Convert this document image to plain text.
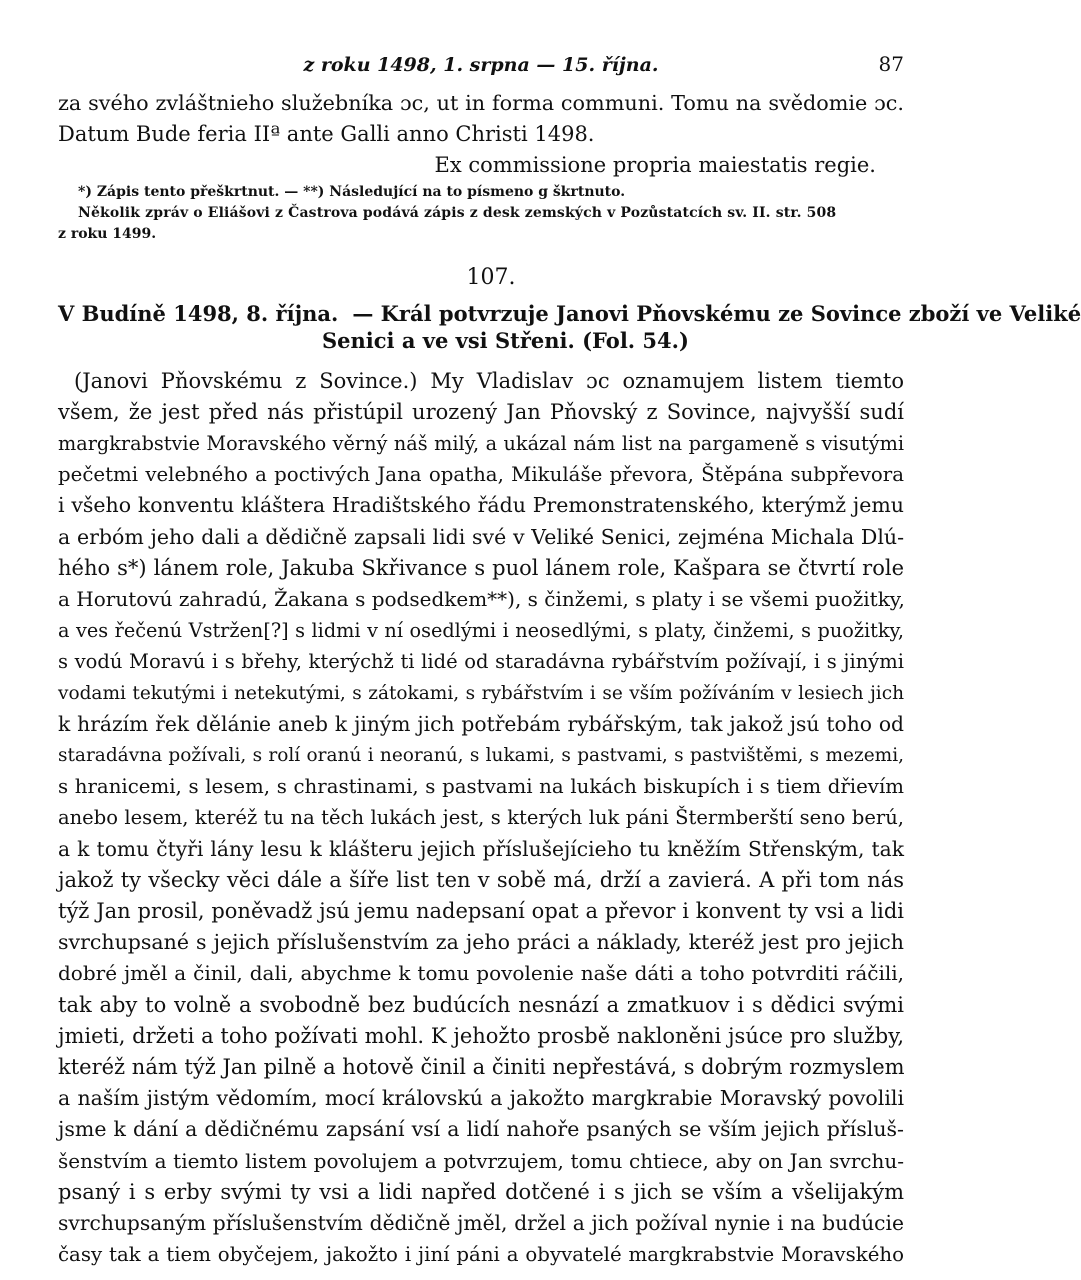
z roku 1498, 1. srpna — 15. října.	87
za svého zvláštnieho služebníka ɔc, ut in forma communi. Tomu na svědomie ɔc.
Datum Bude feria IIª ante Galli anno Christi 1498.
Ex commissione propria maiestatis regie.
*) Zápis tento přeškrtnut. — **) Následující na to písmeno g škrtnuto.
Několik zpráv o Eliášovi z Častrova podává zápis z desk zemských v Pozůstatcích sv. II. str. 508
z roku 1499.
107.
V Budíně 1498, 8. října. — Král potvrzuje Janovi Pňovskému ze Sovince zboží ve Veliké
Senici a ve vsi Střeni. (Fol. 54.)
(Janovi Pňovskému z Sovince.) My Vladislav ɔc oznamujem listem tiemto
všem, že jest před nás přistúpil urozený Jan Pňovský z Sovince, najvyšší sudí
margkrabstvie Moravského věrný náš milý, a ukázal nám list na pargameně s visutými
pečetmi velebného a poctivých Jana opatha, Mikuláše převora, Štěpána subpřevora
i všeho konventu kláštera Hradištského řádu Premonstratenského, kterýmž jemu
a erbóm jeho dali a dědičně zapsali lidi své v Veliké Senici, zejména Michala Dlú-
hého s*) lánem role, Jakuba Skřivance s puol lánem role, Kašpara se čtvrtí role
a Horutovú zahradú, Žakana s podsedkem**), s činžemi, s platy i se všemi puožitky,
a ves řečenú Vstržen[?] s lidmi v ní osedlými i neosedlými, s platy, činžemi, s puožitky,
s vodú Moravú i s břehy, kterýchž ti lidé od staradávna rybářstvím požívají, i s jinými
vodami tekutými i netekutými, s zátokami, s rybářstvím i se vším požíváním v lesiech jich
k hrázím řek dělánie aneb k jiným jich potřebám rybářským, tak jakož jsú toho od
staradávna požívali, s rolí oranú i neoranú, s lukami, s pastvami, s pastvištěmi, s mezemi,
s hranicemi, s lesem, s chrastinami, s pastvami na lukách biskupích i s tiem dřievím
anebo lesem, kteréž tu na těch lukách jest, s kterých luk páni Štermberští seno berú,
a k tomu čtyři lány lesu k klášteru jejich příslušejícieho tu kněžím Střenským, tak
jakož ty všecky věci dále a šíře list ten v sobě má, drží a zavierá. A při tom nás
týž Jan prosil, poněvadž jsú jemu nadepsaní opat a převor i konvent ty vsi a lidi
svrchupsané s jejich příslušenstvím za jeho práci a náklady, kteréž jest pro jejich
dobré jměl a činil, dali, abychme k tomu povolenie naše dáti a toho potvrditi ráčili,
tak aby to volně a svobodně bez budúcích nesnází a zmatkuov i s dědici svými
jmieti, držeti a toho požívati mohl. K jehožto prosbě nakloněni jsúce pro služby,
kteréž nám týž Jan pilně a hotově činil a činiti nepřestává, s dobrým rozmyslem
a naším jistým vědomím, mocí královskú a jakožto margkrabie Moravský povolili
jsme k dání a dědičnému zapsání vsí a lidí nahoře psaných se vším jejich přísluš-
šenstvím a tiemto listem povolujem a potvrzujem, tomu chtiece, aby on Jan svrchu-
psaný i s erby svými ty vsi a lidi napřed dotčené i s jich se vším a všelijakým
svrchupsaným příslušenstvím dědičně jměl, držel a jich požíval nynie i na budúcie
časy tak a tiem obyčejem, jakožto i jiní páni a obyvatelé margkrabstvie Moravského
